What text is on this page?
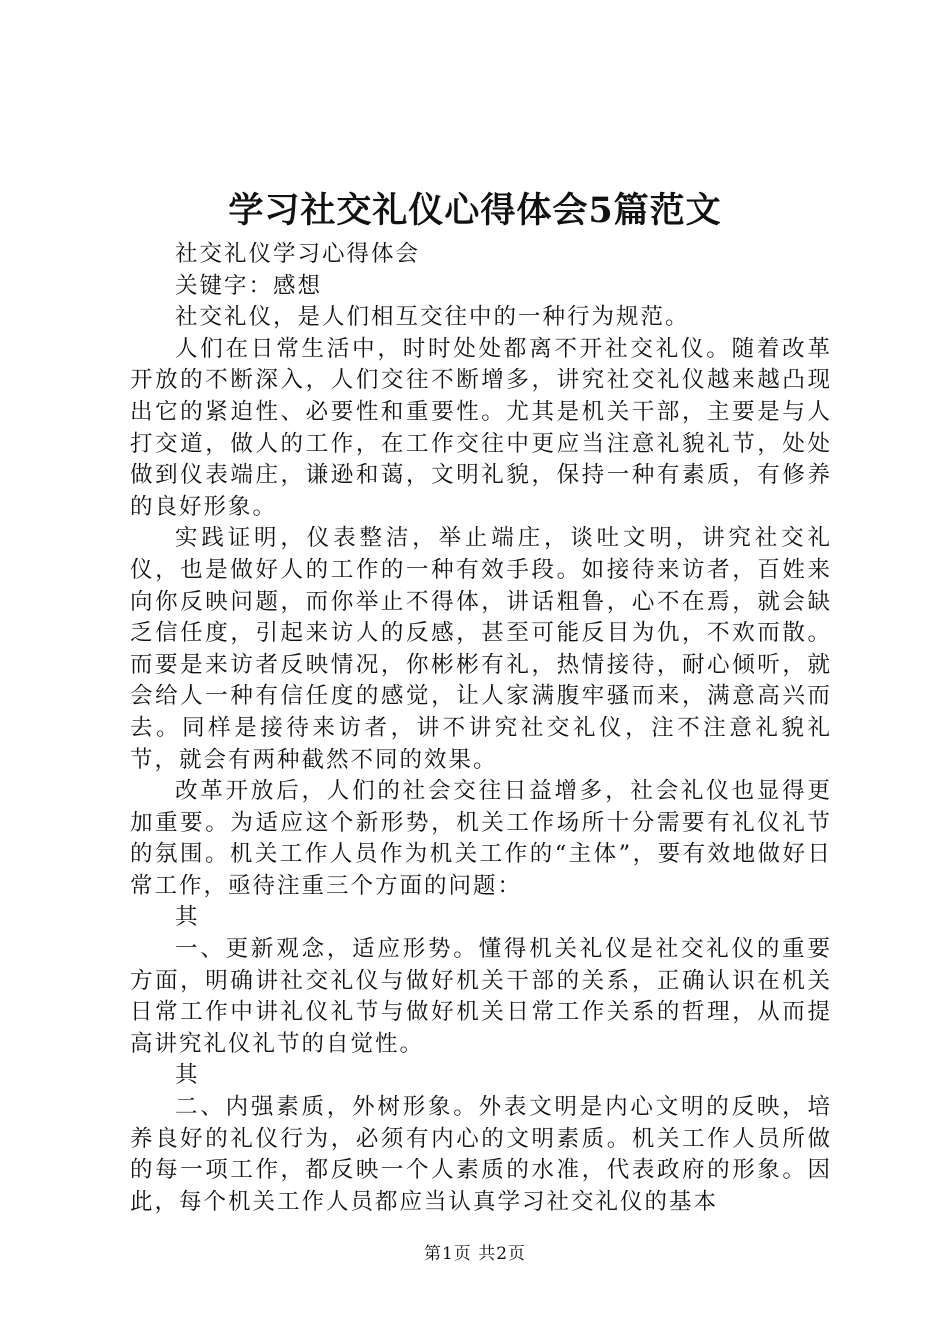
学习社交礼仪心得体会5篇范文

社交礼仪学习心得体会

关键字：感想

社交礼仪，是人们相互交往中的一种行为规范。

人们在日常生活中，时时处处都离不开社交礼仪。随着改革开放的不断深入，人们交往不断增多，讲究社交礼仪越来越凸现出它的紧迫性、必要性和重要性。尤其是机关干部，主要是与人打交道，做人的工作，在工作交往中更应当注意礼貌礼节，处处做到仪表端庄，谦逊和蔼，文明礼貌，保持一种有素质，有修养的良好形象。

实践证明，仪表整洁，举止端庄，谈吐文明，讲究社交礼仪，也是做好人的工作的一种有效手段。如接待来访者，百姓来向你反映问题，而你举止不得体，讲话粗鲁，心不在焉，就会缺乏信任度，引起来访人的反感，甚至可能反目为仇，不欢而散。而要是来访者反映情况，你彬彬有礼，热情接待，耐心倾听，就会给人一种有信任度的感觉，让人家满腹牢骚而来，满意高兴而去。同样是接待来访者，讲不讲究社交礼仪，注不注意礼貌礼节，就会有两种截然不同的效果。

改革开放后，人们的社会交往日益增多，社会礼仪也显得更加重要。为适应这个新形势，机关工作场所十分需要有礼仪礼节的氛围。机关工作人员作为机关工作的“主体”，要有效地做好日常工作，亟待注重三个方面的问题：

其

一、更新观念，适应形势。懂得机关礼仪是社交礼仪的重要方面，明确讲社交礼仪与做好机关干部的关系，正确认识在机关日常工作中讲礼仪礼节与做好机关日常工作关系的哲理，从而提高讲究礼仪礼节的自觉性。

其

二、内强素质，外树形象。外表文明是内心文明的反映，培养良好的礼仪行为，必须有内心的文明素质。机关工作人员所做的每一项工作，都反映一个人素质的水准，代表政府的形象。因此，每个机关工作人员都应当认真学习社交礼仪的基本

第1页 共2页
